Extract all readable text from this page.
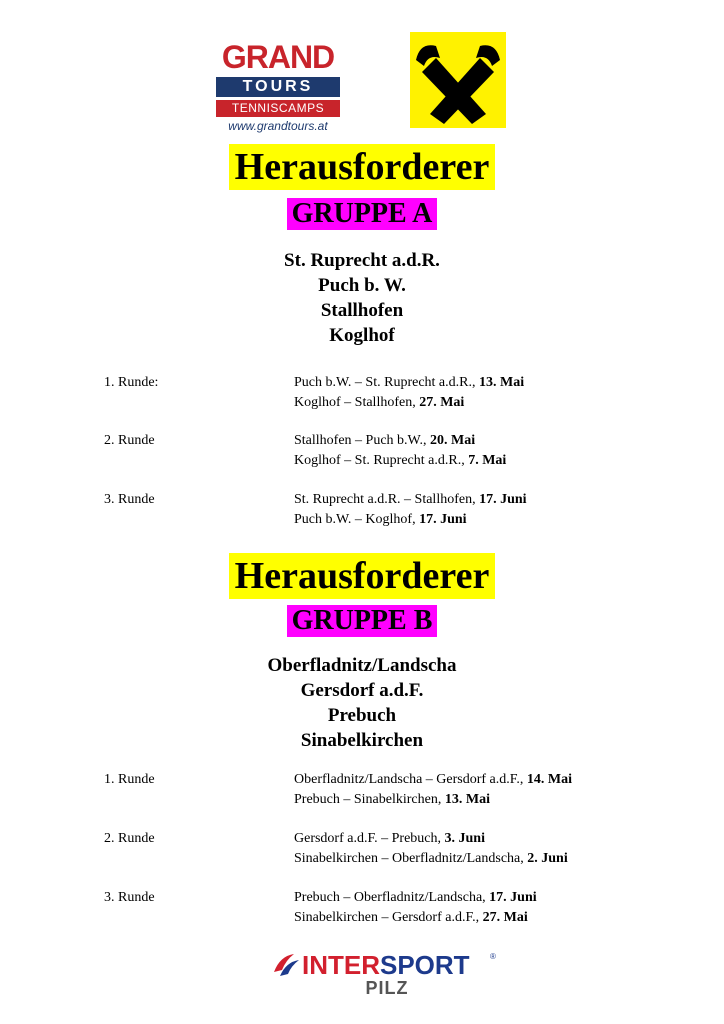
GRAND
TOURS
TENNISCAMPS
www.grandtours.at
Herausforderer
GRUPPE A
St. Ruprecht a.d.R.
Puch b. W.
Stallhofen
Koglhof
1. Runde:	Puch b.W. – St. Ruprecht a.d.R., 13. Mai
Koglhof – Stallhofen, 27. Mai
2. Runde	Stallhofen – Puch b.W., 20. Mai
Koglhof – St. Ruprecht a.d.R., 7. Mai
3. Runde	St. Ruprecht a.d.R. – Stallhofen, 17. Juni
Puch b.W. – Koglhof, 17. Juni
Herausforderer
GRUPPE B
Oberfladnitz/Landscha
Gersdorf a.d.F.
Prebuch
Sinabelkirchen
1. Runde	Oberfladnitz/Landscha – Gersdorf a.d.F., 14. Mai
Prebuch – Sinabelkirchen, 13. Mai
2. Runde	Gersdorf a.d.F. – Prebuch, 3. Juni
Sinabelkirchen – Oberfladnitz/Landscha, 2. Juni
3. Runde	Prebuch – Oberfladnitz/Landscha, 17. Juni
Sinabelkirchen – Gersdorf a.d.F., 27. Mai
INTERSPORT	®
PILZ
